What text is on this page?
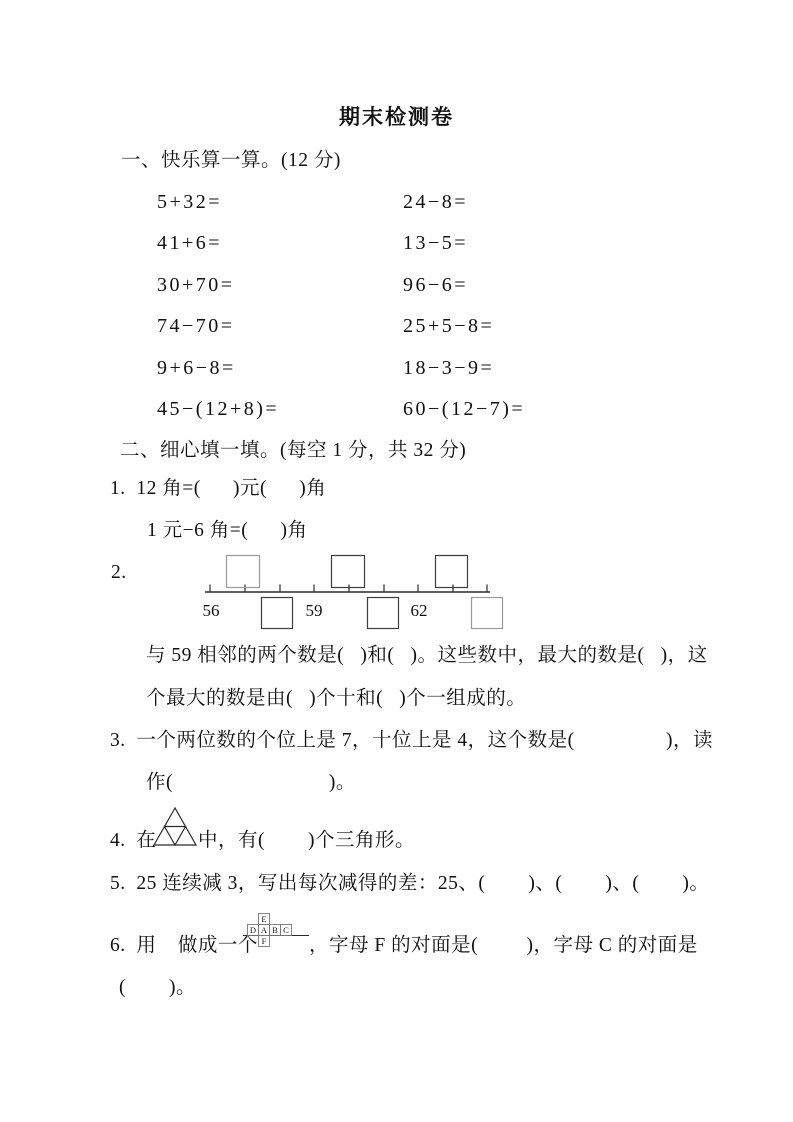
期末检测卷
一、快乐算一算。(12 分)
5+32=	24−8=
41+6=	13−5=
30+70=	96−6=
74−70=	25+5−8=
9+6−8=	18−3−9=
45−(12+8)=	60−(12−7)=
二、细心填一填。(每空 1 分，共 32 分)
1.  12 角=(      )元(      )角
1 元−6 角=(      )角
2.
56	59	62
与 59 相邻的两个数是(   )和(   )。这些数中，最大的数是(   )，这
个最大的数是由(   )个十和(   )个一组成的。
3.  一个两位数的个位上是 7，十位上是 4，这个数是(                 )，读
作(                             )。
4.  在 中，有(        )个三角形。
5.  25 连续减 3，写出每次减得的差：25、(        )、(        )、(        )。
6.  用    做成一个
E
D A B C
F ，字母 F 的对面是(         )，字母 C 的对面是
(        )。
